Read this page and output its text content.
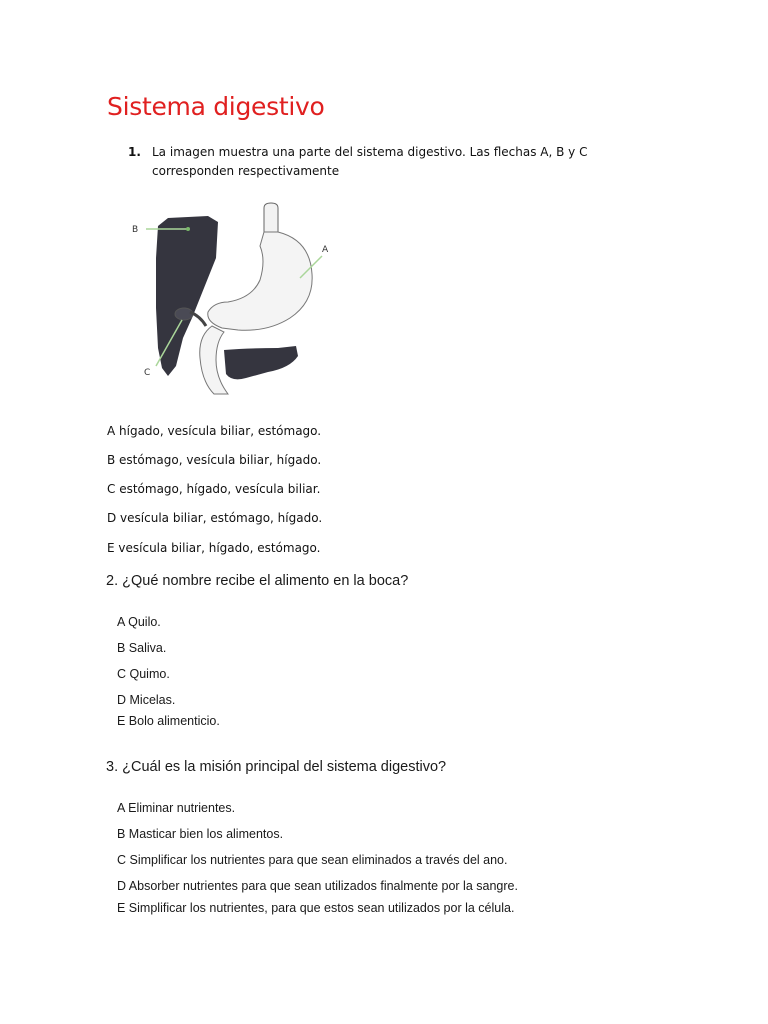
Sistema digestivo
1. La imagen muestra una parte del sistema digestivo. Las flechas A, B y C corresponden respectivamente
B
A
C
A hígado, vesícula biliar, estómago.
B estómago, vesícula biliar, hígado.
C estómago, hígado, vesícula biliar.
D vesícula biliar, estómago, hígado.
E vesícula biliar, hígado, estómago.
2. ¿Qué nombre recibe el alimento en la boca?
A Quilo.
B Saliva.
C Quimo.
D Micelas.
E Bolo alimenticio.
3. ¿Cuál es la misión principal del sistema digestivo?
A Eliminar nutrientes.
B Masticar bien los alimentos.
C Simplificar los nutrientes para que sean eliminados a través del ano.
D Absorber nutrientes para que sean utilizados finalmente por la sangre.
E Simplificar los nutrientes, para que estos sean utilizados por la célula.
